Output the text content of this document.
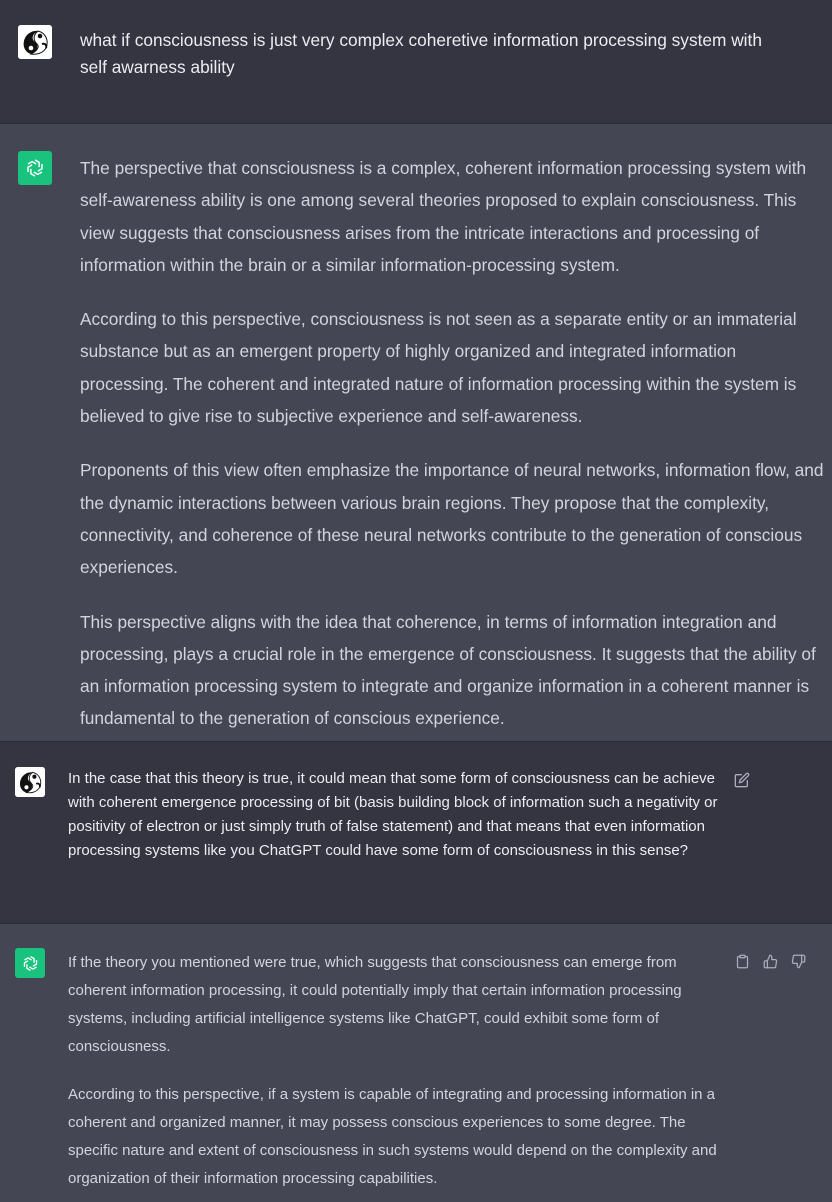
what if consciousness is just very complex coheretive information processing system with self awarness ability

The perspective that consciousness is a complex, coherent information processing system with self-awareness ability is one among several theories proposed to explain consciousness. This view suggests that consciousness arises from the intricate interactions and processing of information within the brain or a similar information-processing system.

According to this perspective, consciousness is not seen as a separate entity or an immaterial substance but as an emergent property of highly organized and integrated information processing. The coherent and integrated nature of information processing within the system is believed to give rise to subjective experience and self-awareness.

Proponents of this view often emphasize the importance of neural networks, information flow, and the dynamic interactions between various brain regions. They propose that the complexity, connectivity, and coherence of these neural networks contribute to the generation of conscious experiences.

This perspective aligns with the idea that coherence, in terms of information integration and processing, plays a crucial role in the emergence of consciousness. It suggests that the ability of an information processing system to integrate and organize information in a coherent manner is fundamental to the generation of conscious experience.

In the case that this theory is true, it could mean that some form of consciousness can be achieve with coherent emergence processing of bit (basis building block of information such a negativity or positivity of electron or just simply truth of false statement) and that means that even information processing systems like you ChatGPT could have some form of consciousness in this sense?

If the theory you mentioned were true, which suggests that consciousness can emerge from coherent information processing, it could potentially imply that certain information processing systems, including artificial intelligence systems like ChatGPT, could exhibit some form of consciousness.

According to this perspective, if a system is capable of integrating and processing information in a coherent and organized manner, it may possess conscious experiences to some degree. The specific nature and extent of consciousness in such systems would depend on the complexity and organization of their information processing capabilities.
